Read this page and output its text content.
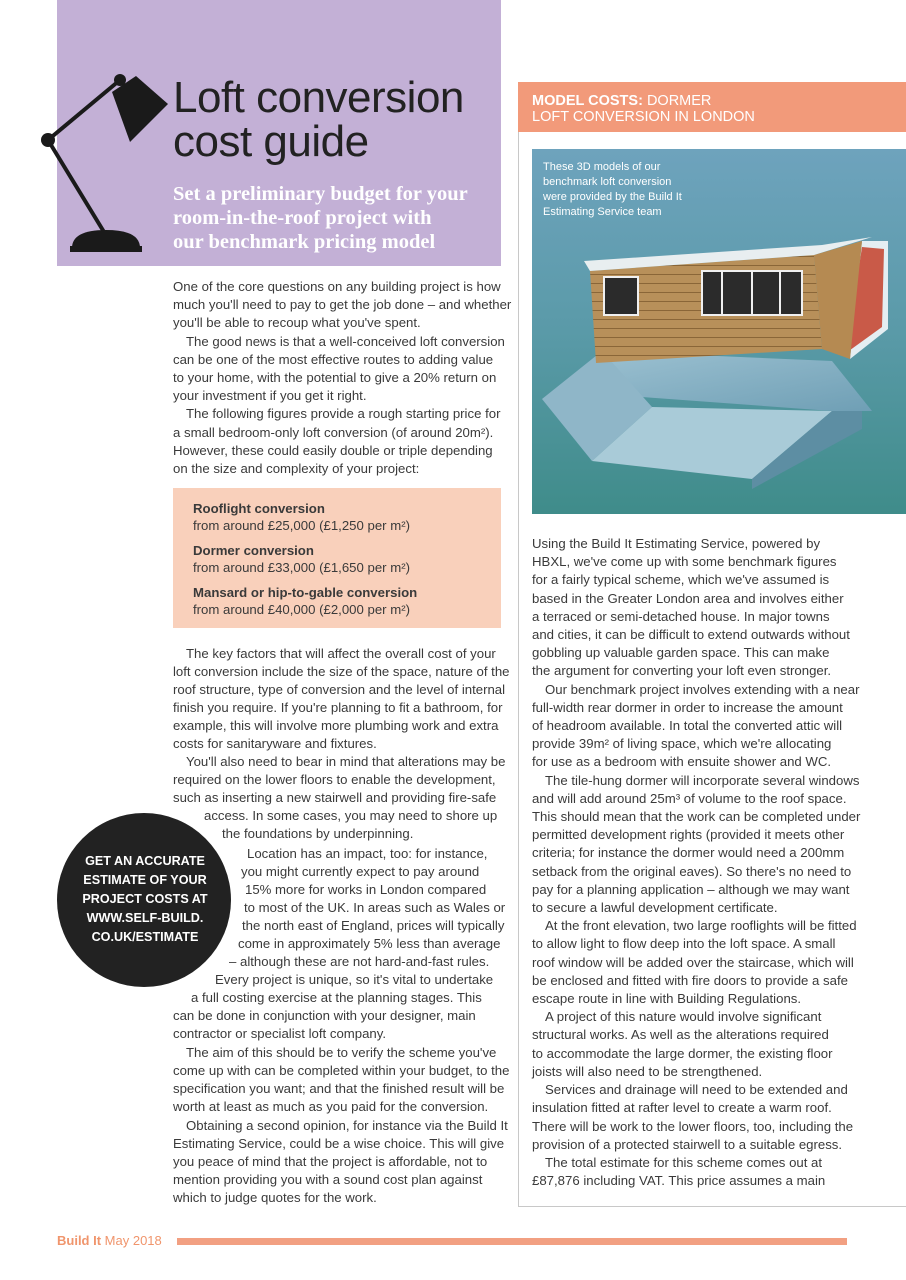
Loft conversion
cost guide
Set a preliminary budget for your
room-in-the-roof project with
our benchmark pricing model

One of the core questions on any building project is how
much you'll need to pay to get the job done – and whether
you'll be able to recoup what you've spent.

The good news is that a well-conceived loft conversion
can be one of the most effective routes to adding value
to your home, with the potential to give a 20% return on
your investment if you get it right.

The following figures provide a rough starting price for
a small bedroom-only loft conversion (of around 20m²).
However, these could easily double or triple depending
on the size and complexity of your project:

Rooflight conversion
from around £25,000 (£1,250 per m²)
Dormer conversion
from around £33,000 (£1,650 per m²)
Mansard or hip-to-gable conversion
from around £40,000 (£2,000 per m²)
The key factors that will affect the overall cost of your
loft conversion include the size of the space, nature of the
roof structure, type of conversion and the level of internal
finish you require. If you're planning to fit a bathroom, for
example, this will involve more plumbing work and extra
costs for sanitaryware and fixtures.
You'll also need to bear in mind that alterations may be
required on the lower floors to enable the development,
such as inserting a new stairwell and providing fire-safe
access. In some cases, you may need to shore up
the foundations by underpinning.
Location has an impact, too: for instance,
you might currently expect to pay around
15% more for works in London compared
to most of the UK. In areas such as Wales or
the north east of England, prices will typically
come in approximately 5% less than average
– although these are not hard-and-fast rules.
Every project is unique, so it's vital to undertake
a full costing exercise at the planning stages. This
can be done in conjunction with your designer, main
contractor or specialist loft company.
The aim of this should be to verify the scheme you've
come up with can be completed within your budget, to the
specification you want; and that the finished result will be
worth at least as much as you paid for the conversion.
Obtaining a second opinion, for instance via the Build It
Estimating Service, could be a wise choice. This will give
you peace of mind that the project is affordable, not to
mention providing you with a sound cost plan against
which to judge quotes for the work.
GET AN ACCURATE
ESTIMATE OF YOUR
PROJECT COSTS AT
WWW.SELF-BUILD.
CO.UK/ESTIMATE
MODEL COSTS: DORMER
LOFT CONVERSION IN LONDON
These 3D models of our
benchmark loft conversion
were provided by the Build It
Estimating Service team

Using the Build It Estimating Service, powered by
HBXL, we've come up with some benchmark figures
for a fairly typical scheme, which we've assumed is
based in the Greater London area and involves either
a terraced or semi-detached house. In major towns
and cities, it can be difficult to extend outwards without
gobbling up valuable garden space. This can make
the argument for converting your loft even stronger.

Our benchmark project involves extending with a near
full-width rear dormer in order to increase the amount
of headroom available. In total the converted attic will
provide 39m² of living space, which we're allocating
for use as a bedroom with ensuite shower and WC.

The tile-hung dormer will incorporate several windows
and will add around 25m³ of volume to the roof space.
This should mean that the work can be completed under
permitted development rights (provided it meets other
criteria; for instance the dormer would need a 200mm
setback from the original eaves). So there's no need to
pay for a planning application – although we may want
to secure a lawful development certificate.

At the front elevation, two large rooflights will be fitted
to allow light to flow deep into the loft space. A small
roof window will be added over the staircase, which will
be enclosed and fitted with fire doors to provide a safe
escape route in line with Building Regulations.

A project of this nature would involve significant
structural works. As well as the alterations required
to accommodate the large dormer, the existing floor
joists will also need to be strengthened.

Services and drainage will need to be extended and
insulation fitted at rafter level to create a warm roof.
There will be work to the lower floors, too, including the
provision of a protected stairwell to a suitable egress.

The total estimate for this scheme comes out at
£87,876 including VAT. This price assumes a main

Build It May 2018
